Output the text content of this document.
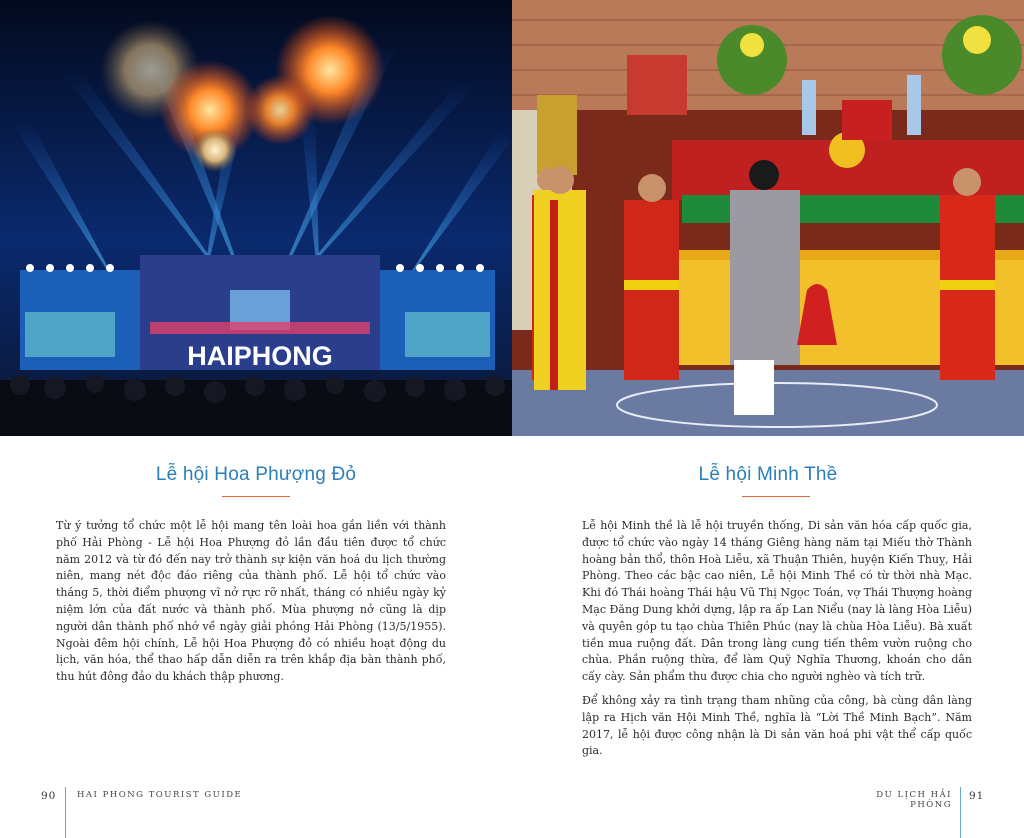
HAIPHONG
Lễ hội Hoa Phượng Đỏ

Từ ý tưởng tổ chức một lễ hội mang tên loài hoa gắn liền với thành phố Hải Phòng - Lễ hội Hoa Phượng đỏ lần đầu tiên được tổ chức năm 2012 và từ đó đến nay trở thành sự kiện văn hoá du lịch thường niên, mang nét độc đáo riêng của thành phố. Lễ hội tổ chức vào tháng 5, thời điểm phượng vĩ nở rực rỡ nhất, tháng có nhiều ngày kỷ niệm lớn của đất nước và thành phố. Mùa phượng nở cũng là dịp người dân thành phố nhớ về ngày giải phóng Hải Phòng (13/5/1955). Ngoài đêm hội chính, Lễ hội Hoa Phượng đỏ có nhiều hoạt động du lịch, văn hóa, thể thao hấp dẫn diễn ra trên khắp địa bàn thành phố, thu hút đông đảo du khách thập phương.

Lễ hội Minh Thề

Lễ hội Minh thề là lễ hội truyền thống, Di sản văn hóa cấp quốc gia, được tổ chức vào ngày 14 tháng Giêng hàng năm tại Miếu thờ Thành hoàng bản thổ, thôn Hoà Liễu, xã Thuận Thiên, huyện Kiến Thuỵ, Hải Phòng. Theo các bậc cao niên, Lễ hội Minh Thề có từ thời nhà Mạc. Khi đó Thái hoàng Thái hậu Vũ Thị Ngọc Toán, vợ Thái Thượng hoàng Mạc Đăng Dung khởi dựng, lập ra ấp Lan Niểu (nay là làng Hòa Liễu) và quyên góp tu tạo chùa Thiên Phúc (nay là chùa Hòa Liễu). Bà xuất tiền mua ruộng đất. Dân trong làng cung tiến thêm vườn ruộng cho chùa. Phần ruộng thừa, để làm Quỹ Nghĩa Thương, khoán cho dân cấy cày. Sản phẩm thu được chia cho người nghèo và tích trữ.

Để không xảy ra tình trạng tham nhũng của công, bà cùng dân làng lập ra Hịch văn Hội Minh Thề, nghĩa là “Lời Thề Minh Bạch”. Năm 2017, lễ hội được công nhận là Di sản văn hoá phi vật thể cấp quốc gia.

90 HAI PHONG TOURIST GUIDE	DU LỊCH HẢI PHÒNG
91
